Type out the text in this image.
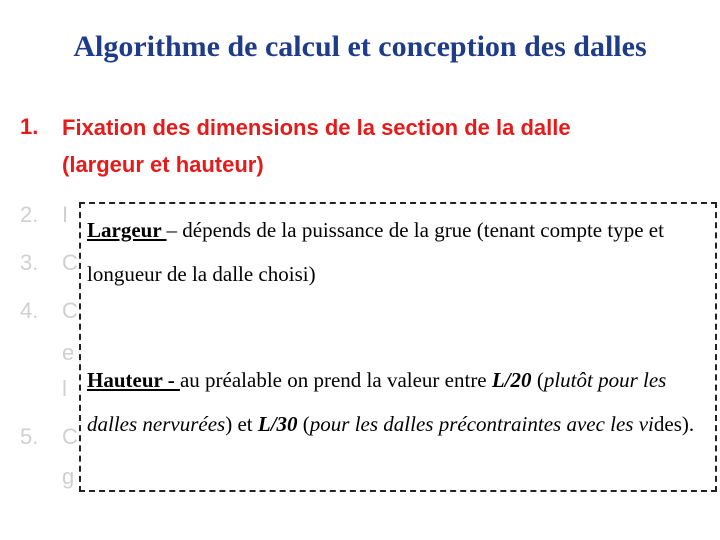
Algorithme de calcul et conception des dalles
1. Fixation des dimensions de la section de la dalle
(largeur et hauteur)
2. I
3. C
4. C
e
l
5. C
g
Largeur – dépends de la puissance de la grue (tenant compte type et longueur de la dalle choisi)
Hauteur - au préalable on prend la valeur entre L/20 (plutôt pour les dalles nervurées) et L/30 (pour les dalles précontraintes avec les vides).
